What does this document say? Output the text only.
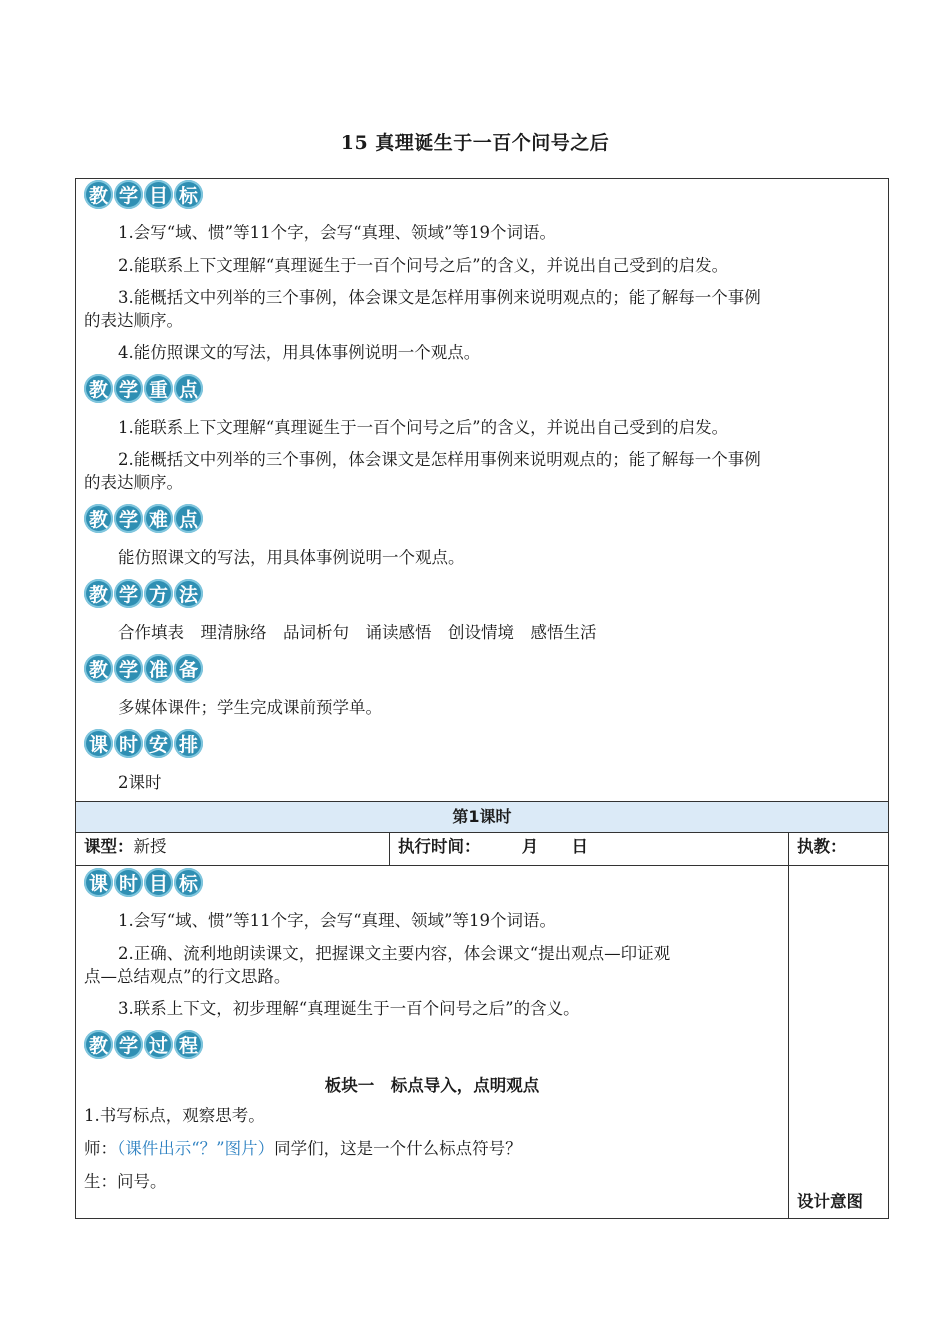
15 真理诞生于一百个问号之后
教 学 目 标
1.会写“域、惯”等11个字，会写“真理、领域”等19个词语。
2.能联系上下文理解“真理诞生于一百个问号之后”的含义，并说出自己受到的启发。
3.能概括文中列举的三个事例，体会课文是怎样用事例来说明观点的；能了解每一个事例
的表达顺序。
4.能仿照课文的写法，用具体事例说明一个观点。
教 学 重 点
1.能联系上下文理解“真理诞生于一百个问号之后”的含义，并说出自己受到的启发。
2.能概括文中列举的三个事例，体会课文是怎样用事例来说明观点的；能了解每一个事例
的表达顺序。
教 学 难 点
能仿照课文的写法，用具体事例说明一个观点。
教 学 方 法
合作填表　理清脉络　品词析句　诵读感悟　创设情境　感悟生活
教 学 准 备
多媒体课件；学生完成课前预学单。
课 时 安 排
2课时
第1课时
课型：新授	执行时间：	月 日	执教：
课 时 目 标
1.会写“域、惯”等11个字，会写“真理、领域”等19个词语。
2.正确、流利地朗读课文，把握课文主要内容，体会课文“提出观点—印证观
点—总结观点”的行文思路。
3.联系上下文，初步理解“真理诞生于一百个问号之后”的含义。
教 学 过 程
板块一　标点导入，点明观点
1.书写标点，观察思考。
师：（课件出示“？”图片）同学们，这是一个什么标点符号？
生：问号。
设计意图
